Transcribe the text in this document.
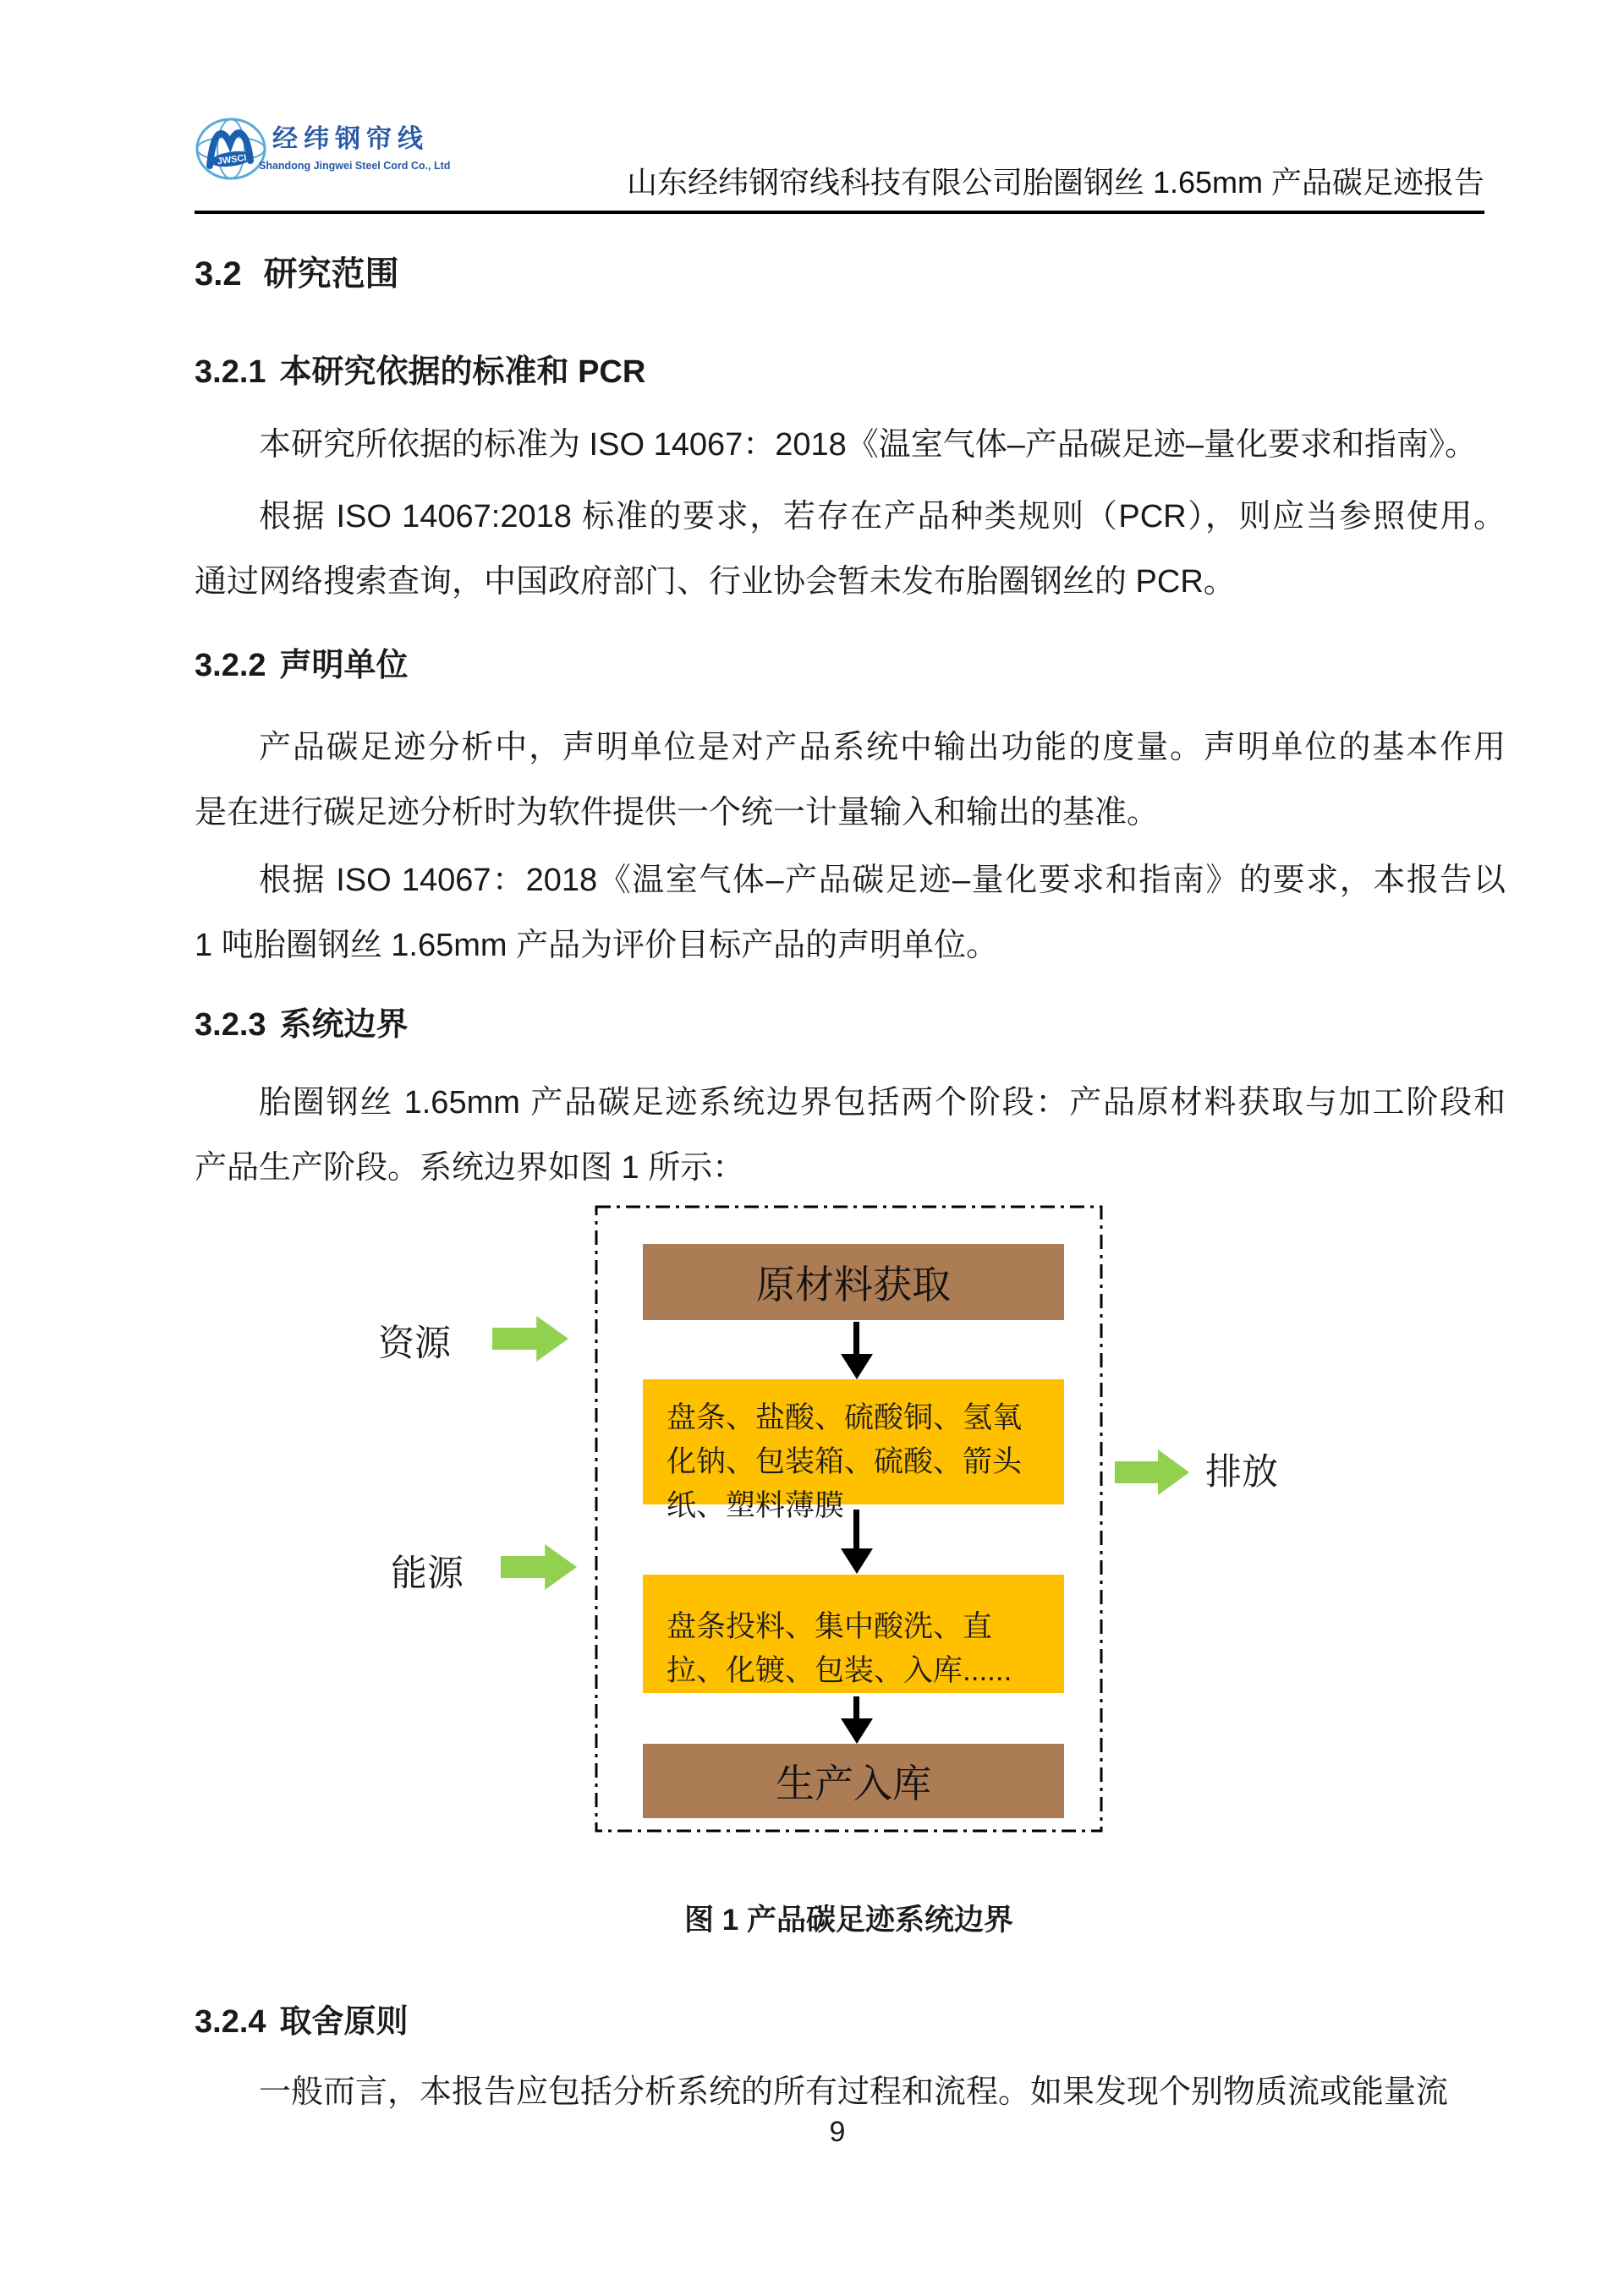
JWSCI
经纬钢帘线
Shandong Jingwei Steel Cord Co., Ltd	山东经纬钢帘线科技有限公司胎圈钢丝 1.65mm 产品碳足迹报告
3.2 研究范围
3.2.1 本研究依据的标准和 PCR
本研究所依据的标准为 ISO 14067：2018《温室气体–产品碳足迹–量化要求和指南》。
根据 ISO 14067:2018 标准的要求，若存在产品种类规则（PCR），则应当参照使用。
通过网络搜索查询，中国政府部门、行业协会暂未发布胎圈钢丝的 PCR。
3.2.2 声明单位
产品碳足迹分析中，声明单位是对产品系统中输出功能的度量。声明单位的基本作用
是在进行碳足迹分析时为软件提供一个统一计量输入和输出的基准。
根据 ISO 14067：2018《温室气体–产品碳足迹–量化要求和指南》的要求，本报告以
1 吨胎圈钢丝 1.65mm 产品为评价目标产品的声明单位。
3.2.3 系统边界
胎圈钢丝 1.65mm 产品碳足迹系统边界包括两个阶段：产品原材料获取与加工阶段和
产品生产阶段。系统边界如图 1 所示：
原材料获取
盘条、盐酸、硫酸铜、氢氧化钠、包装箱、硫酸、箭头纸、塑料薄膜
盘条投料、集中酸洗、直拉、化镀、包装、入库......
生产入库
资源
能源
排放
图 1 产品碳足迹系统边界
3.2.4 取舍原则
一般而言，本报告应包括分析系统的所有过程和流程。如果发现个别物质流或能量流
9
